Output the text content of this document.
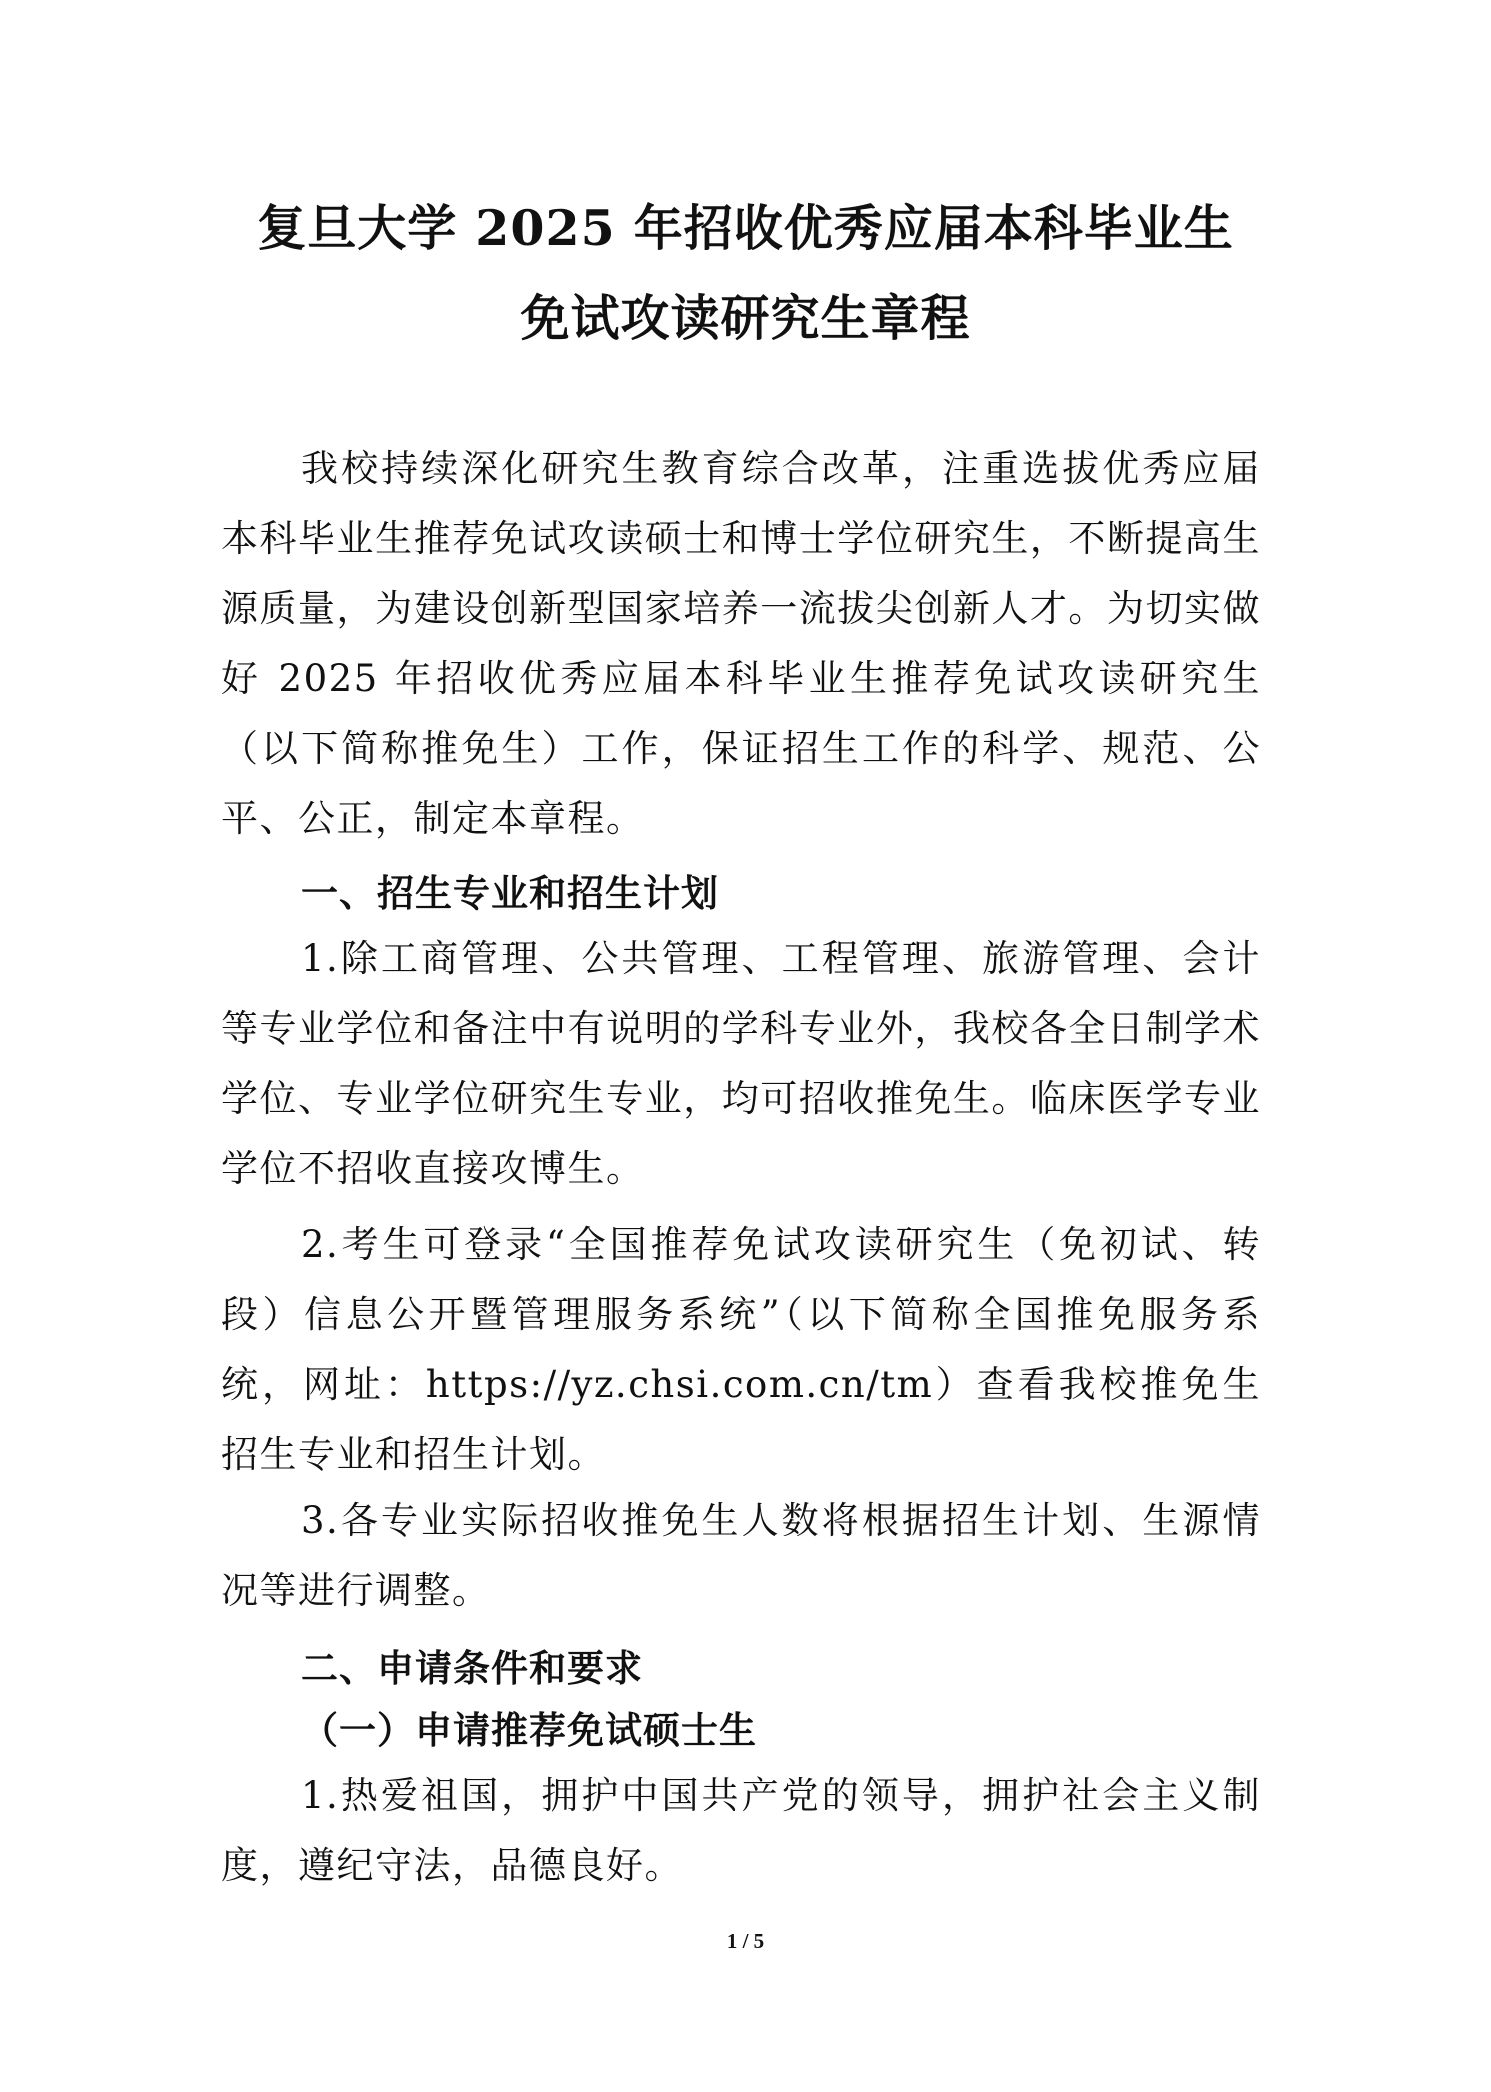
复旦大学 2025 年招收优秀应届本科毕业生
免试攻读研究生章程

我校持续深化研究生教育综合改革，注重选拔优秀应届本科毕业生推荐免试攻读硕士和博士学位研究生，不断提高生源质量，为建设创新型国家培养一流拔尖创新人才。为切实做好 2025 年招收优秀应届本科毕业生推荐免试攻读研究生（以下简称推免生）工作，保证招生工作的科学、规范、公平、公正，制定本章程。

一、招生专业和招生计划

1.除工商管理、公共管理、工程管理、旅游管理、会计等专业学位和备注中有说明的学科专业外，我校各全日制学术学位、专业学位研究生专业，均可招收推免生。临床医学专业学位不招收直接攻博生。

2.考生可登录“全国推荐免试攻读研究生（免初试、转段）信息公开暨管理服务系统”（以下简称全国推免服务系统，网址：https://yz.chsi.com.cn/tm）查看我校推免生招生专业和招生计划。

3.各专业实际招收推免生人数将根据招生计划、生源情况等进行调整。

二、申请条件和要求
（一）申请推荐免试硕士生

1.热爱祖国，拥护中国共产党的领导，拥护社会主义制度，遵纪守法，品德良好。

1 / 5
